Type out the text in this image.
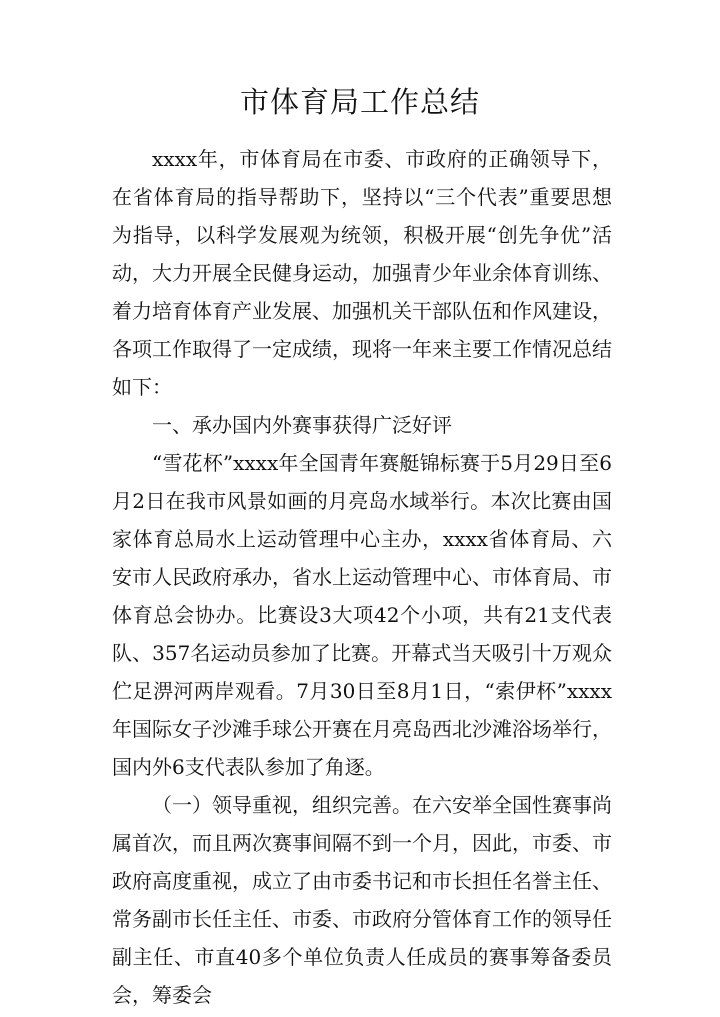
市体育局工作总结

xxxx年，市体育局在市委、市政府的正确领导下，在省体育局的指导帮助下，坚持以“三个代表”重要思想为指导，以科学发展观为统领，积极开展“创先争优”活动，大力开展全民健身运动，加强青少年业余体育训练、着力培育体育产业发展、加强机关干部队伍和作风建设，各项工作取得了一定成绩，现将一年来主要工作情况总结如下：

一、承办国内外赛事获得广泛好评

“雪花杯”xxxx年全国青年赛艇锦标赛于5月29日至6月2日在我市风景如画的月亮岛水域举行。本次比赛由国家体育总局水上运动管理中心主办，xxxx省体育局、六安市人民政府承办，省水上运动管理中心、市体育局、市体育总会协办。比赛设3大项42个小项，共有21支代表队、357名运动员参加了比赛。开幕式当天吸引十万观众伫足淠河两岸观看。7月30日至8月1日，“索伊杯”xxxx年国际女子沙滩手球公开赛在月亮岛西北沙滩浴场举行，国内外6支代表队参加了角逐。

（一）领导重视，组织完善。在六安举全国性赛事尚属首次，而且两次赛事间隔不到一个月，因此，市委、市政府高度重视，成立了由市委书记和市长担任名誉主任、常务副市长任主任、市委、市政府分管体育工作的领导任副主任、市直40多个单位负责人任成员的赛事筹备委员会，筹委会
